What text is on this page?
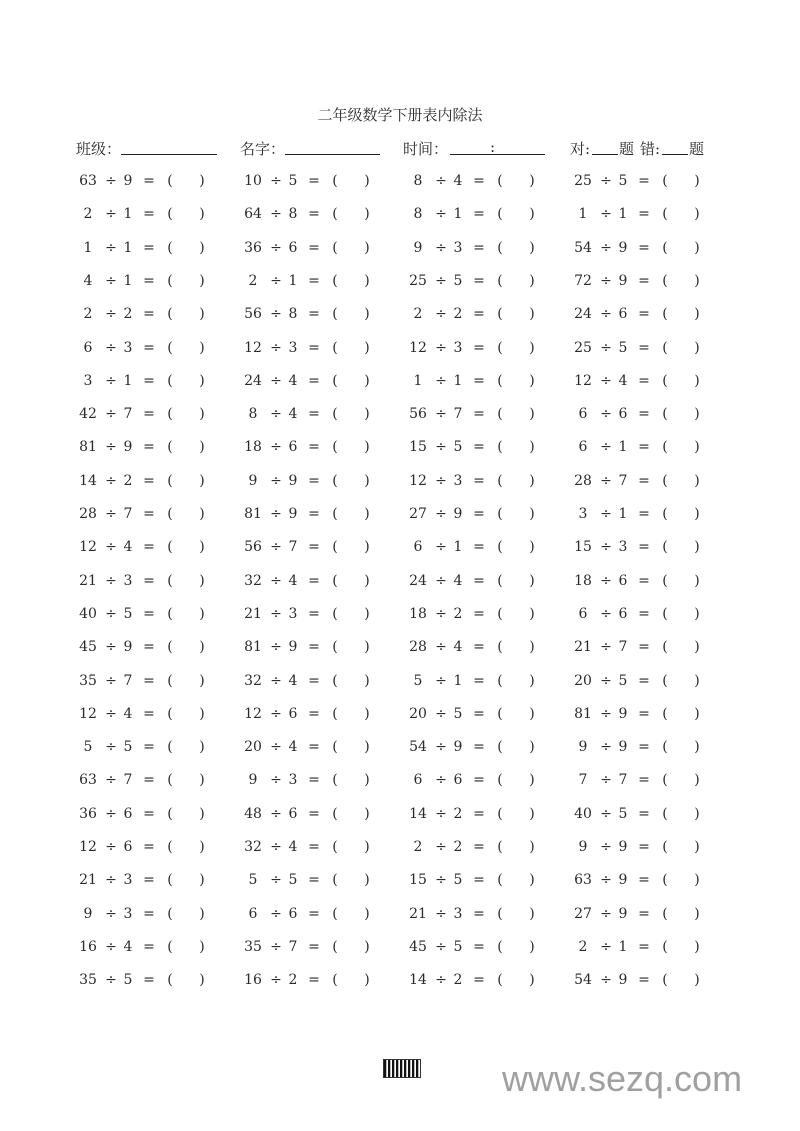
二年级数学下册表内除法
班级：	名字：	时间：	:	对: 题 错: 题
63 ÷ 9 = ( )	10 ÷ 5 = ( )	8 ÷ 4 = ( )	25 ÷ 5 = ( )
2 ÷ 1 = ( )	64 ÷ 8 = ( )	8 ÷ 1 = ( )	1 ÷ 1 = ( )
1 ÷ 1 = ( )	36 ÷ 6 = ( )	9 ÷ 3 = ( )	54 ÷ 9 = ( )
4 ÷ 1 = ( )	2 ÷ 1 = ( )	25 ÷ 5 = ( )	72 ÷ 9 = ( )
2 ÷ 2 = ( )	56 ÷ 8 = ( )	2 ÷ 2 = ( )	24 ÷ 6 = ( )
6 ÷ 3 = ( )	12 ÷ 3 = ( )	12 ÷ 3 = ( )	25 ÷ 5 = ( )
3 ÷ 1 = ( )	24 ÷ 4 = ( )	1 ÷ 1 = ( )	12 ÷ 4 = ( )
42 ÷ 7 = ( )	8 ÷ 4 = ( )	56 ÷ 7 = ( )	6 ÷ 6 = ( )
81 ÷ 9 = ( )	18 ÷ 6 = ( )	15 ÷ 5 = ( )	6 ÷ 1 = ( )
14 ÷ 2 = ( )	9 ÷ 9 = ( )	12 ÷ 3 = ( )	28 ÷ 7 = ( )
28 ÷ 7 = ( )	81 ÷ 9 = ( )	27 ÷ 9 = ( )	3 ÷ 1 = ( )
12 ÷ 4 = ( )	56 ÷ 7 = ( )	6 ÷ 1 = ( )	15 ÷ 3 = ( )
21 ÷ 3 = ( )	32 ÷ 4 = ( )	24 ÷ 4 = ( )	18 ÷ 6 = ( )
40 ÷ 5 = ( )	21 ÷ 3 = ( )	18 ÷ 2 = ( )	6 ÷ 6 = ( )
45 ÷ 9 = ( )	81 ÷ 9 = ( )	28 ÷ 4 = ( )	21 ÷ 7 = ( )
35 ÷ 7 = ( )	32 ÷ 4 = ( )	5 ÷ 1 = ( )	20 ÷ 5 = ( )
12 ÷ 4 = ( )	12 ÷ 6 = ( )	20 ÷ 5 = ( )	81 ÷ 9 = ( )
5 ÷ 5 = ( )	20 ÷ 4 = ( )	54 ÷ 9 = ( )	9 ÷ 9 = ( )
63 ÷ 7 = ( )	9 ÷ 3 = ( )	6 ÷ 6 = ( )	7 ÷ 7 = ( )
36 ÷ 6 = ( )	48 ÷ 6 = ( )	14 ÷ 2 = ( )	40 ÷ 5 = ( )
12 ÷ 6 = ( )	32 ÷ 4 = ( )	2 ÷ 2 = ( )	9 ÷ 9 = ( )
21 ÷ 3 = ( )	5 ÷ 5 = ( )	15 ÷ 5 = ( )	63 ÷ 9 = ( )
9 ÷ 3 = ( )	6 ÷ 6 = ( )	21 ÷ 3 = ( )	27 ÷ 9 = ( )
16 ÷ 4 = ( )	35 ÷ 7 = ( )	45 ÷ 5 = ( )	2 ÷ 1 = ( )
35 ÷ 5 = ( )	16 ÷ 2 = ( )	14 ÷ 2 = ( )	54 ÷ 9 = ( )
www.sezq.com
